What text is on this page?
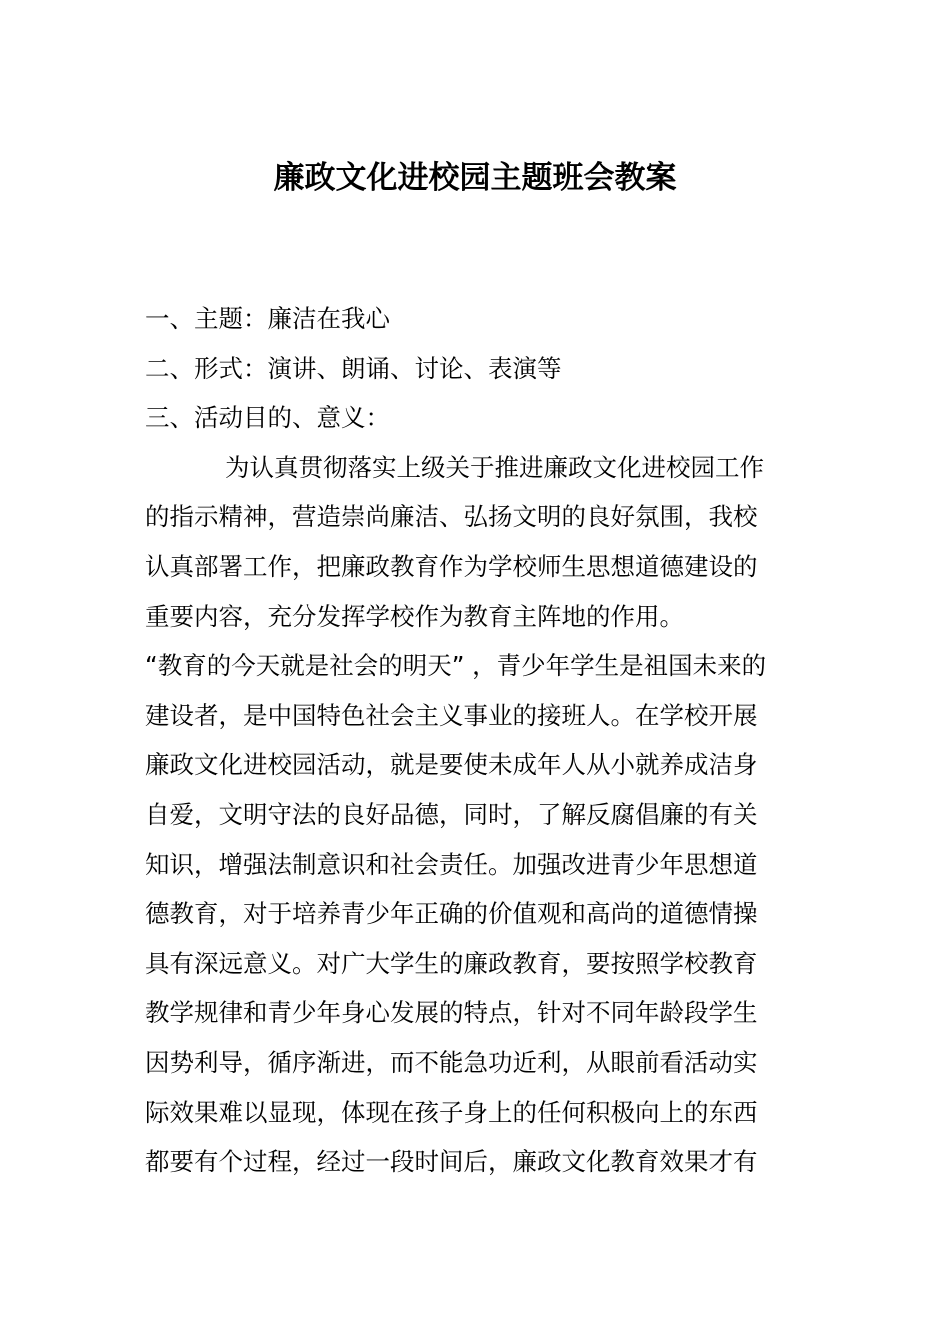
廉政文化进校园主题班会教案
一、主题：廉洁在我心
二、形式：演讲、朗诵、讨论、表演等
三、活动目的、意义：
为认真贯彻落实上级关于推进廉政文化进校园工作
的指示精神，营造崇尚廉洁、弘扬文明的良好氛围，我校
认真部署工作，把廉政教育作为学校师生思想道德建设的
重要内容，充分发挥学校作为教育主阵地的作用。
“教育的今天就是社会的明天” ，青少年学生是祖国未来的
建设者，是中国特色社会主义事业的接班人。在学校开展
廉政文化进校园活动，就是要使未成年人从小就养成洁身
自爱，文明守法的良好品德，同时，了解反腐倡廉的有关
知识，增强法制意识和社会责任。加强改进青少年思想道
德教育，对于培养青少年正确的价值观和高尚的道德情操
具有深远意义。对广大学生的廉政教育，要按照学校教育
教学规律和青少年身心发展的特点，针对不同年龄段学生
因势利导，循序渐进，而不能急功近利，从眼前看活动实
际效果难以显现，体现在孩子身上的任何积极向上的东西
都要有个过程，经过一段时间后，廉政文化教育效果才有
